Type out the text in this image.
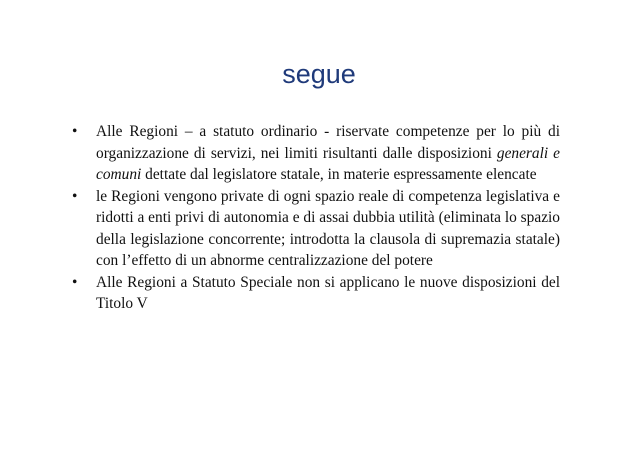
segue
• Alle Regioni – a statuto ordinario - riservate competenze per lo più di organizzazione di servizi, nei limiti risultanti dalle disposizioni generali e comuni dettate dal legislatore statale, in materie espressamente elencate
• le Regioni vengono private di ogni spazio reale di competenza legislativa e ridotti a enti privi di autonomia e di assai dubbia utilità (eliminata lo spazio della legislazione concorrente; introdotta la clausola di supremazia statale) con l’effetto di un abnorme centralizzazione del potere
• Alle Regioni a Statuto Speciale non si applicano le nuove disposizioni del Titolo V
